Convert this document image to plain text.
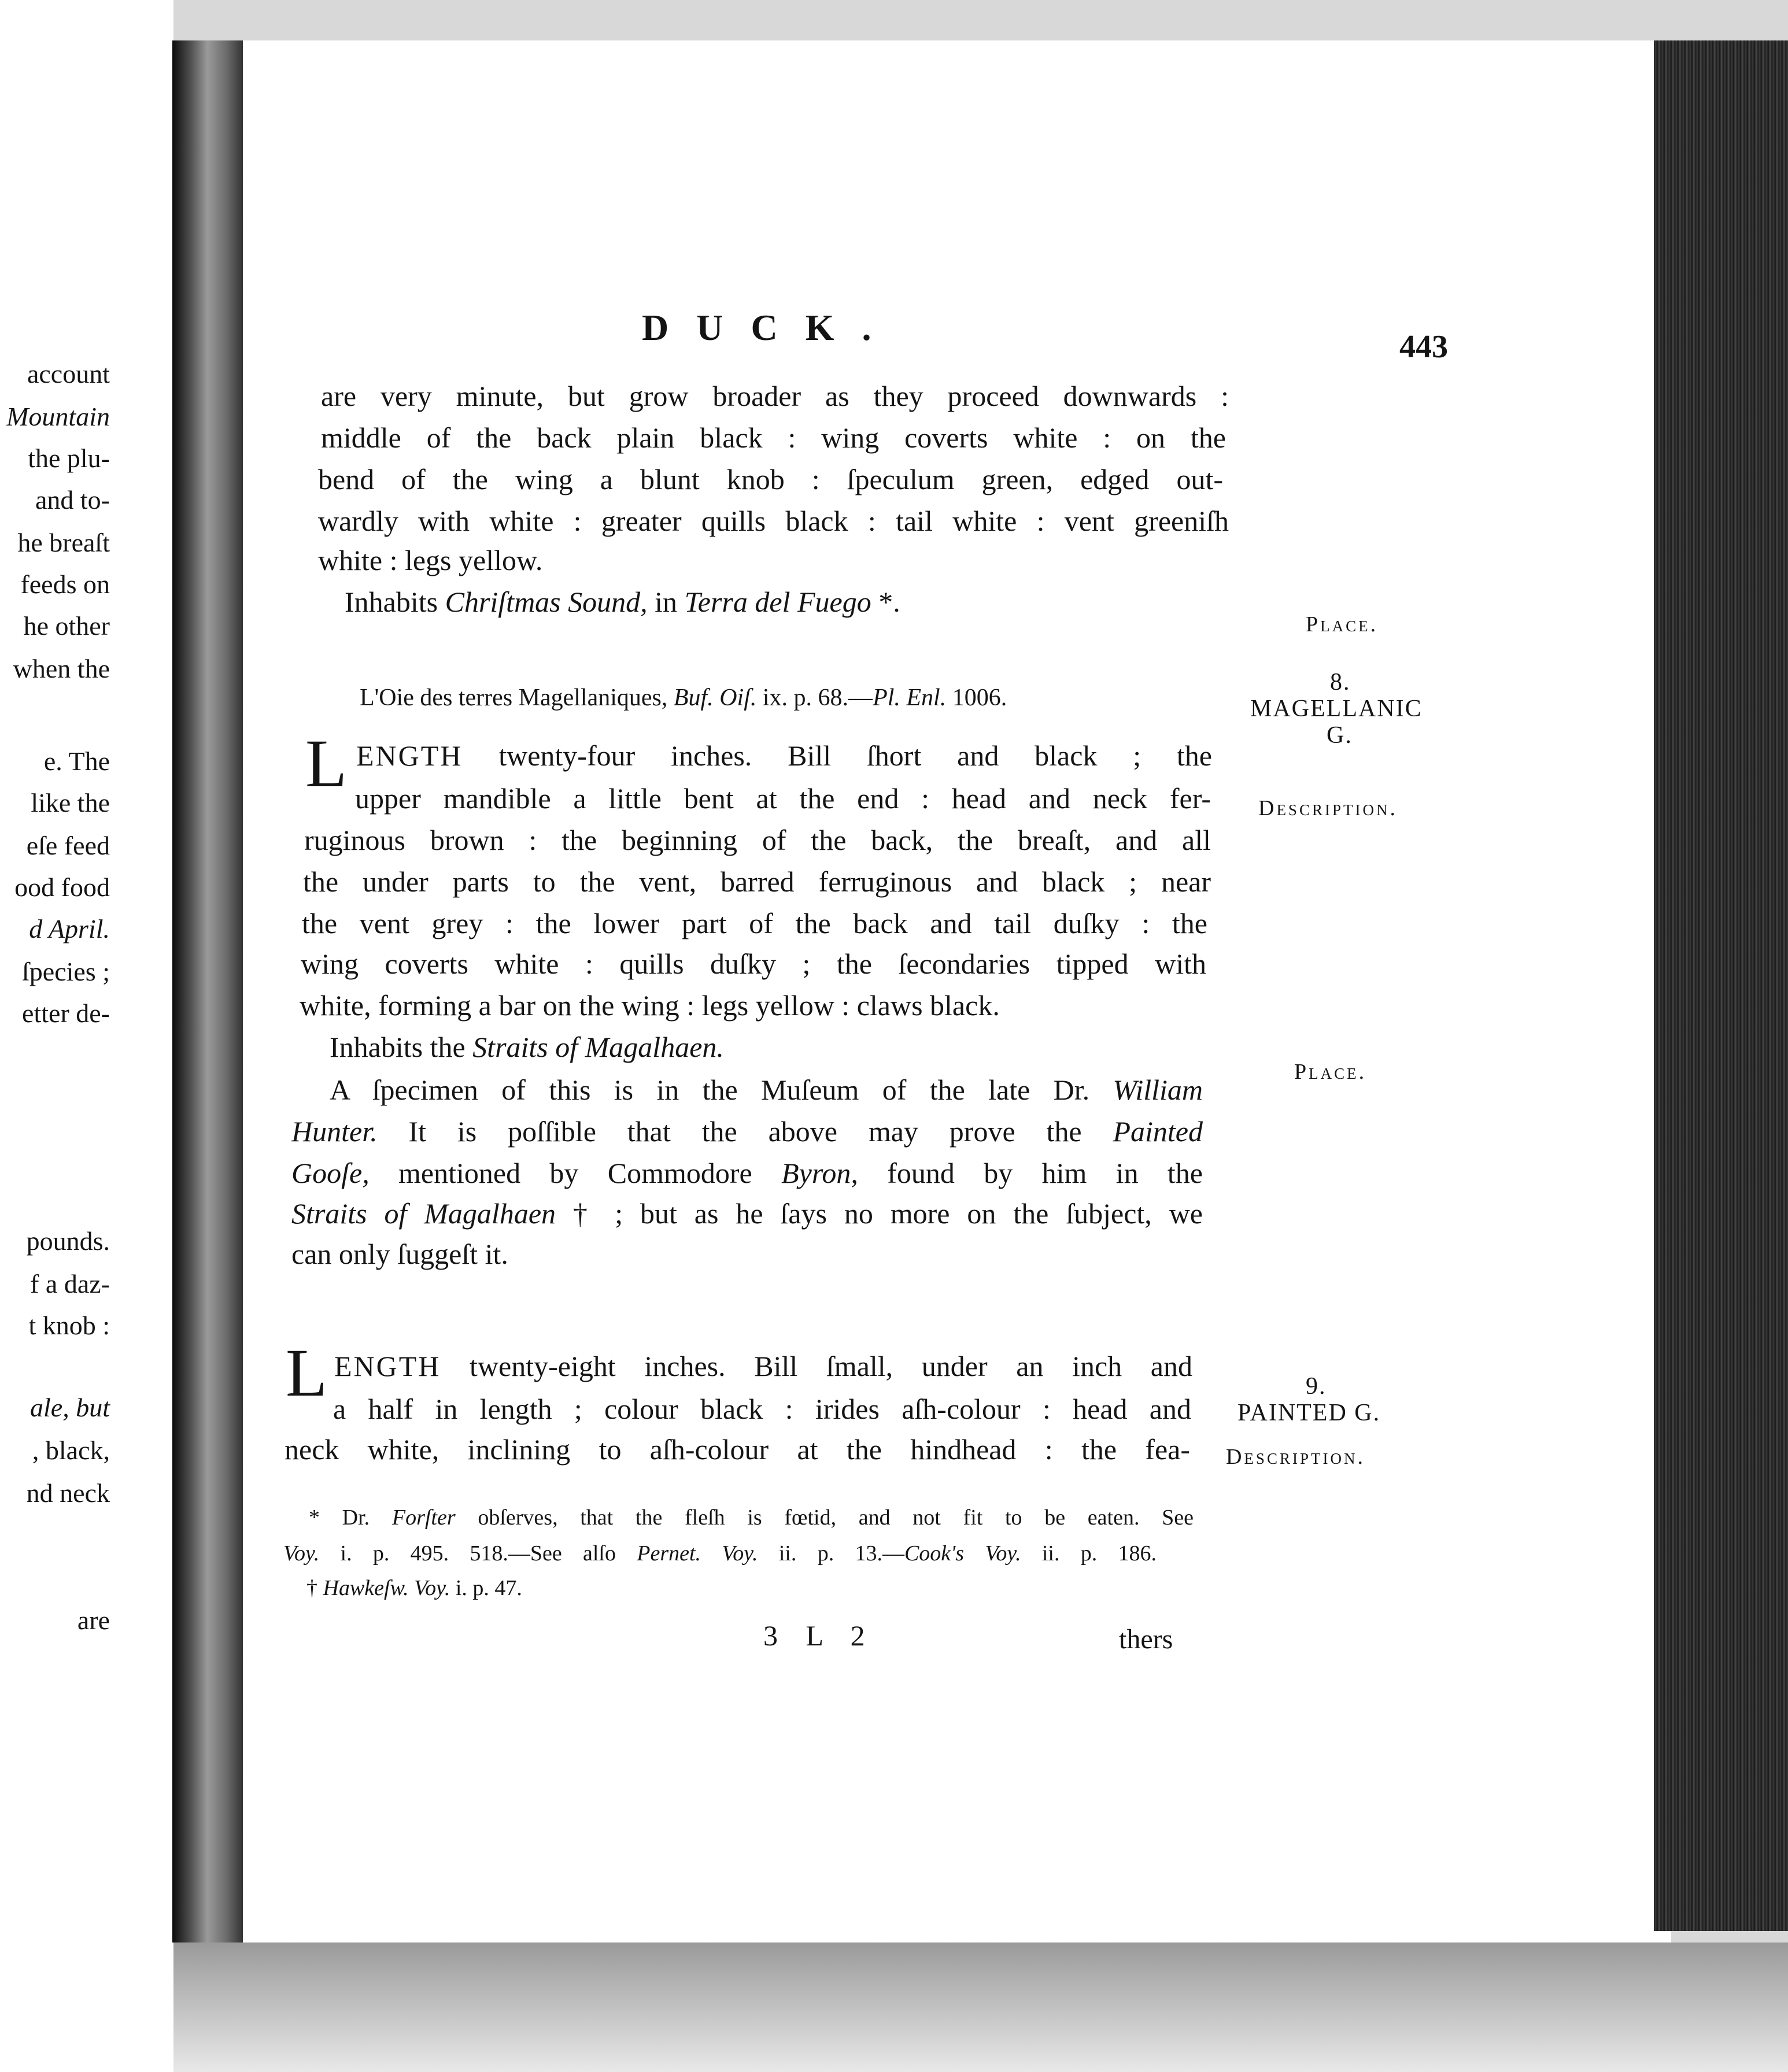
account
Mountain
the plu-
and to-
he breaſt
feeds on
he other
when the
e. The
like the
eſe feed
ood food
d April.
ſpecies ;
etter de-
pounds.
f a daz-
t knob :
ale, but
, black,
nd neck
are
DUCK.	443
are very minute, but grow broader as they proceed downwards :
middle of the back plain black : wing coverts white : on the
bend of the wing a blunt knob : ſpeculum green, edged out-
wardly with white : greater quills black : tail white : vent greeniſh
white : legs yellow.
Inhabits Chriſtmas Sound, in Terra del Fuego *.
Place.
8.
MAGELLANIC
G.
Description.
Place.
9.
PAINTED G.
Description.
L'Oie des terres Magellaniques, Buf. Oiſ. ix. p. 68.—Pl. Enl. 1006.
L ENGTH twenty-four inches. Bill ſhort and black ; the
upper mandible a little bent at the end : head and neck fer-
ruginous brown : the beginning of the back, the breaſt, and all
the under parts to the vent, barred ferruginous and black ; near
the vent grey : the lower part of the back and tail duſky : the
wing coverts white : quills duſky ; the ſecondaries tipped with
white, forming a bar on the wing : legs yellow : claws black.
Inhabits the Straits of Magalhaen.
A ſpecimen of this is in the Muſeum of the late Dr. William
Hunter. It is poſſible that the above may prove the Painted
Gooſe, mentioned by Commodore Byron, found by him in the
Straits of Magalhaen † ; but as he ſays no more on the ſubject, we
can only ſuggeſt it.
L ENGTH twenty-eight inches. Bill ſmall, under an inch and
a half in length ; colour black : irides aſh-colour : head and
neck white, inclining to aſh-colour at the hindhead : the fea-
* Dr. Forſter obſerves, that the fleſh is fœtid, and not fit to be eaten. See
Voy. i. p. 495. 518.—See alſo Pernet. Voy. ii. p. 13.—Cook's Voy. ii. p. 186.
† Hawkeſw. Voy. i. p. 47.
3 L 2	thers
